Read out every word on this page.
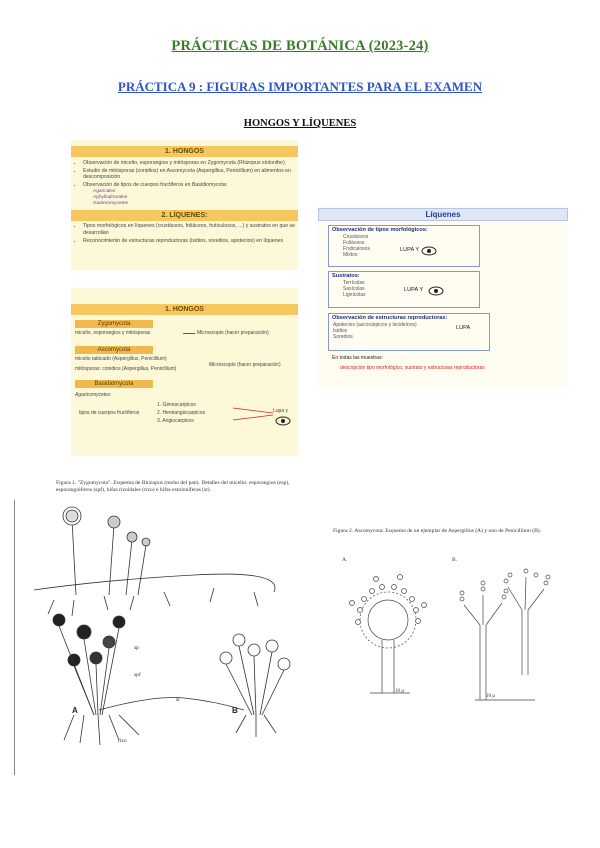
PRÁCTICAS DE BOTÁNICA (2023-24)
PRÁCTICA 9 : FIGURAS IMPORTANTES PARA EL EXAMEN
HONGOS Y LÍQUENES
1. HONGOS
• Observación de micelio, esporangios y mitósporas en Zygomycota (Rhizopus stolonifer)
• Estudio de mitósporas (conidios) en Ascomycota (Aspergillus, Penicillium) en alimentos en descomposición
• Observación de tipos de cuerpos fructíferos en Basidiomycota:
Agaricales
Aphyllophorales
Gasteromycetes
2. LÍQUENES:
• Tipos morfológicos en líquenes (crustáceos, foliáceos, fruticulosos, ...) y sustratos en que se desarrollan
• Reconocimiento de estructuras reproductoras (isidios, soredios, apotecios) en líquenes
1. HONGOS
Zygomycota
micelio, esporangios y mitósporas	Microscopio (hacer preparación)
Ascomycota
micelio tabicado (Aspergillus, Penicillium)
mitósporas: conidios (Aspergillus, Penicillium)
Microscopio (hacer preparación)
Basidiomycota
Agaricomycetes
tipos de cuerpos fructíferos
1. Gimnocarpicos
2. Hemiangiocarpicos
3. Angiocarpicos
Lupa y
Líquenes
Observación de tipos morfológicos:
Crustáceos
Foliáceos
Fruticulosos
Mixtos
LUPA Y
Sustratos:
Terrícolas
Saxícolas
Lignícolas
LUPA Y
Observación de estructuras reproductoras:
Apotecios (ascocárpicos y lecideínos)
Isidios
Soredios
LUPA
En todas las muestras:
descripción tipo morfológico, sustrato y estructuras reproductoras
Figura 1. "Zygomycota". Esquema de Rhizopus (moho del pan). Detalles del micelio: esporangios (esp), esporangióforos (spf), hifas rizoidales (rizo) e hifas estoloníferas (st).
sp
spf
st
rizo
A	B
Figura 2. Ascomycota: Esquema de un ejemplar de Aspergillus (A) y uno de Penicillium (B).
A.	B.
10 µ
10 µ
